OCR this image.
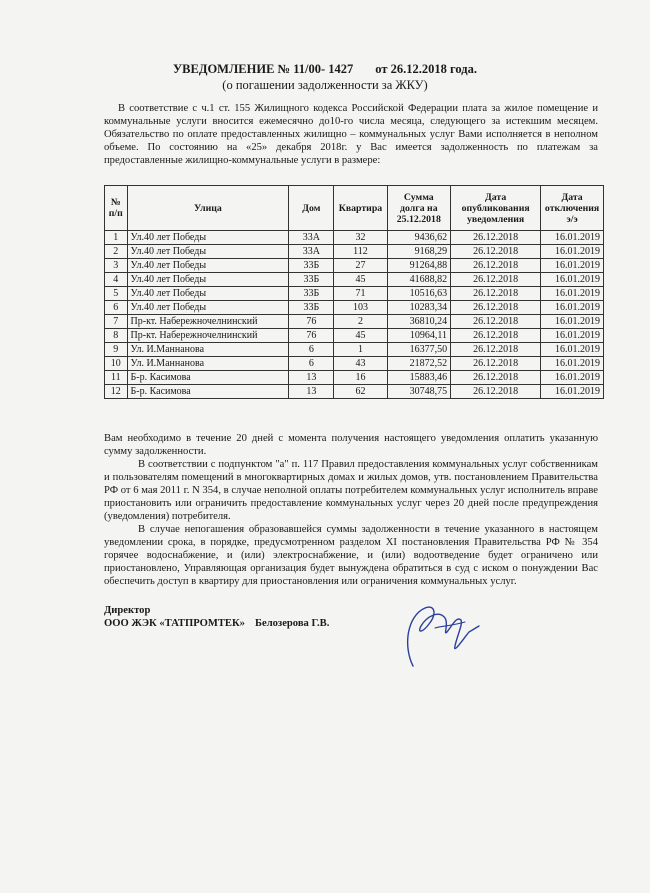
УВЕДОМЛЕНИЕ № 11/00- 1427 от 26.12.2018 года.
(о погашении задолженности за ЖКУ)
В соответствие с ч.1 ст. 155 Жилищного кодекса Российской Федерации плата за жилое помещение и коммунальные услуги вносится ежемесячно до10-го числа месяца, следующего за истекшим месяцем. Обязательство по оплате предоставленных жилищно – коммунальных услуг Вами исполняется в неполном объеме. По состоянию на «25» декабря 2018г. у Вас имеется задолженность по платежам за предоставленные жилищно-коммунальные услуги в размере:
№ п/п	Улица	Дом	Квартира	Сумма долга на 25.12.2018	Дата опубликования уведомления	Дата отключения э/э
1	Ул.40 лет Победы	33А	32	9436,62	26.12.2018	16.01.2019
2	Ул.40 лет Победы	33А	112	9168,29	26.12.2018	16.01.2019
3	Ул.40 лет Победы	33Б	27	91264,88	26.12.2018	16.01.2019
4	Ул.40 лет Победы	33Б	45	41688,82	26.12.2018	16.01.2019
5	Ул.40 лет Победы	33Б	71	10516,63	26.12.2018	16.01.2019
6	Ул.40 лет Победы	33Б	103	10283,34	26.12.2018	16.01.2019
7	Пр-кт. Набережночелнинский	76	2	36810,24	26.12.2018	16.01.2019
8	Пр-кт. Набережночелнинский	76	45	10964,11	26.12.2018	16.01.2019
9	Ул. И.Маннанова	6	1	16377,50	26.12.2018	16.01.2019
10	Ул. И.Маннанова	6	43	21872,52	26.12.2018	16.01.2019
11	Б-р. Касимова	13	16	15883,46	26.12.2018	16.01.2019
12	Б-р. Касимова	13	62	30748,75	26.12.2018	16.01.2019

Вам необходимо в течение 20 дней с момента получения настоящего уведомления оплатить указанную сумму задолженности.

В соответствии с подпунктом "а" п. 117 Правил предоставления коммунальных услуг собственникам и пользователям помещений в многоквартирных домах и жилых домов, утв. постановлением Правительства РФ от 6 мая 2011 г. N 354, в случае неполной оплаты потребителем коммунальных услуг исполнитель вправе приостановить или ограничить предоставление коммунальных услуг через 20 дней после предупреждения (уведомления) потребителя.

В случае непогашения образовавшейся суммы задолженности в течение указанного в настоящем уведомлении срока, в порядке, предусмотренном разделом XI постановления Правительства РФ № 354 горячее водоснабжение, и (или) электроснабжение, и (или) водоотведение будет ограничено или приостановлено, Управляющая организация будет вынуждена обратиться в суд с иском о понуждении Вас обеспечить доступ в квартиру для приостановления или ограничения коммунальных услуг.

Директор
ООО ЖЭК «ТАТПРОМТЕК» Белозерова Г.В.
